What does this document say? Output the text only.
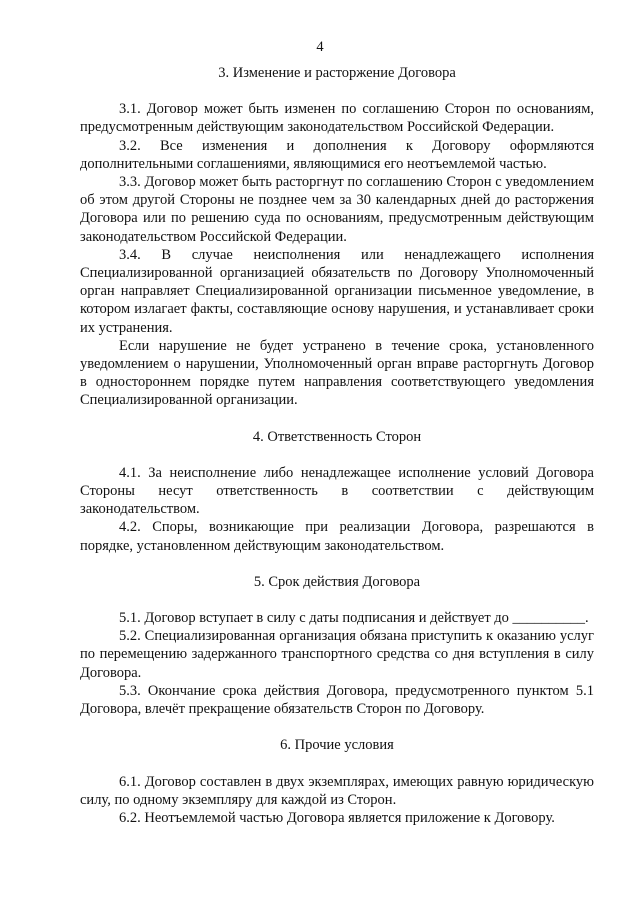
4
3. Изменение и расторжение Договора

3.1. Договор может быть изменен по соглашению Сторон по основаниям, предусмотренным действующим законодательством Российской Федерации.

3.2. Все изменения и дополнения к Договору оформляются дополнительными соглашениями, являющимися его неотъемлемой частью.

3.3. Договор может быть расторгнут по соглашению Сторон с уведомлением об этом другой Стороны не позднее чем за 30 календарных дней до расторжения Договора или по решению суда по основаниям, предусмотренным действующим законодательством Российской Федерации.

3.4. В случае неисполнения или ненадлежащего исполнения Специализированной организацией обязательств по Договору Уполномоченный орган направляет Специализированной организации письменное уведомление, в котором излагает факты, составляющие основу нарушения, и устанавливает сроки их устранения.

Если нарушение не будет устранено в течение срока, установленного уведомлением о нарушении, Уполномоченный орган вправе расторгнуть Договор в одностороннем порядке путем направления соответствующего уведомления Специализированной организации.

4. Ответственность Сторон

4.1. За неисполнение либо ненадлежащее исполнение условий Договора Стороны несут ответственность в соответствии с действующим законодательством.

4.2. Споры, возникающие при реализации Договора, разрешаются в порядке, установленном действующим законодательством.

5. Срок действия Договора

5.1. Договор вступает в силу с даты подписания и действует до __________.

5.2. Специализированная организация обязана приступить к оказанию услуг по перемещению задержанного транспортного средства со дня вступления в силу Договора.

5.3. Окончание срока действия Договора, предусмотренного пунктом 5.1 Договора, влечёт прекращение обязательств Сторон по Договору.

6. Прочие условия

6.1. Договор составлен в двух экземплярах, имеющих равную юридическую силу, по одному экземпляру для каждой из Сторон.

6.2. Неотъемлемой частью Договора является приложение к Договору.
